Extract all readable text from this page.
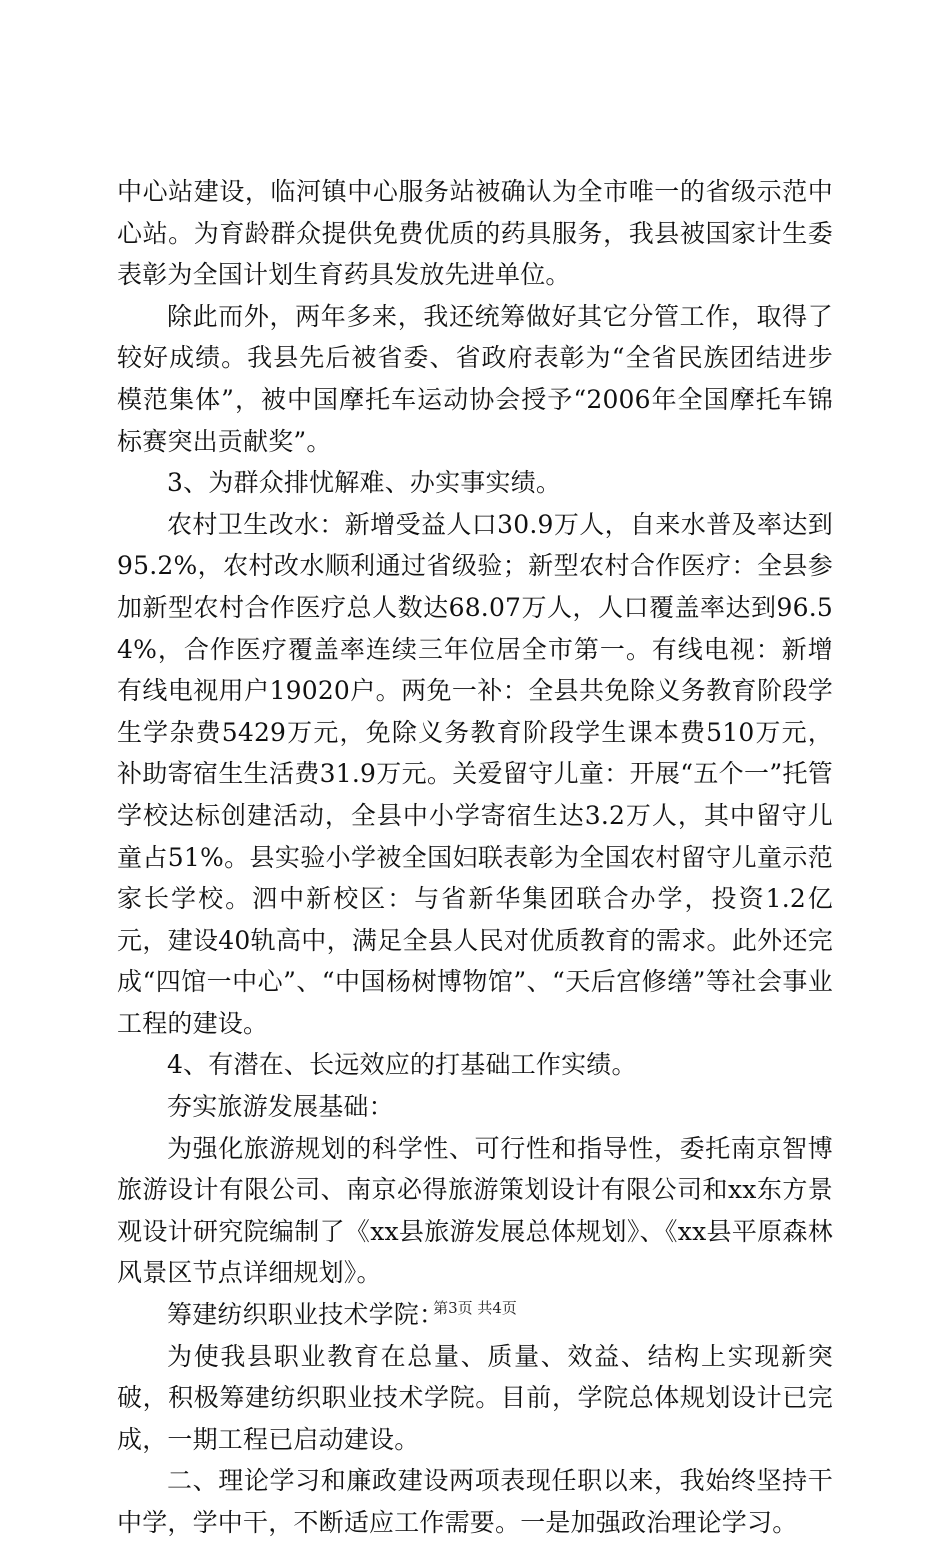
中心站建设，临河镇中心服务站被确认为全市唯一的省级示范中心站。为育龄群众提供免费优质的药具服务，我县被国家计生委表彰为全国计划生育药具发放先进单位。

除此而外，两年多来，我还统筹做好其它分管工作，取得了较好成绩。我县先后被省委、省政府表彰为“全省民族团结进步模范集体”，被中国摩托车运动协会授予“2006年全国摩托车锦标赛突出贡献奖”。

3、为群众排忧解难、办实事实绩。

农村卫生改水：新增受益人口30.9万人，自来水普及率达到95.2%，农村改水顺利通过省级验；新型农村合作医疗：全县参加新型农村合作医疗总人数达68.07万人，人口覆盖率达到96.54%，合作医疗覆盖率连续三年位居全市第一。有线电视：新增有线电视用户19020户。两免一补：全县共免除义务教育阶段学生学杂费5429万元，免除义务教育阶段学生课本费510万元，补助寄宿生生活费31.9万元。关爱留守儿童：开展“五个一”托管学校达标创建活动，全县中小学寄宿生达3.2万人，其中留守儿童占51%。县实验小学被全国妇联表彰为全国农村留守儿童示范家长学校。泗中新校区：与省新华集团联合办学，投资1.2亿元，建设40轨高中，满足全县人民对优质教育的需求。此外还完成“四馆一中心”、“中国杨树博物馆”、“天后宫修缮”等社会事业工程的建设。

4、有潜在、长远效应的打基础工作实绩。

夯实旅游发展基础：

为强化旅游规划的科学性、可行性和指导性，委托南京智博旅游设计有限公司、南京必得旅游策划设计有限公司和xx东方景观设计研究院编制了《xx县旅游发展总体规划》、《xx县平原森林风景区节点详细规划》。

筹建纺织职业技术学院：

为使我县职业教育在总量、质量、效益、结构上实现新突破，积极筹建纺织职业技术学院。目前，学院总体规划设计已完成，一期工程已启动建设。

二、理论学习和廉政建设两项表现任职以来，我始终坚持干中学，学中干，不断适应工作需要。一是加强政治理论学习。

第3页 共4页
